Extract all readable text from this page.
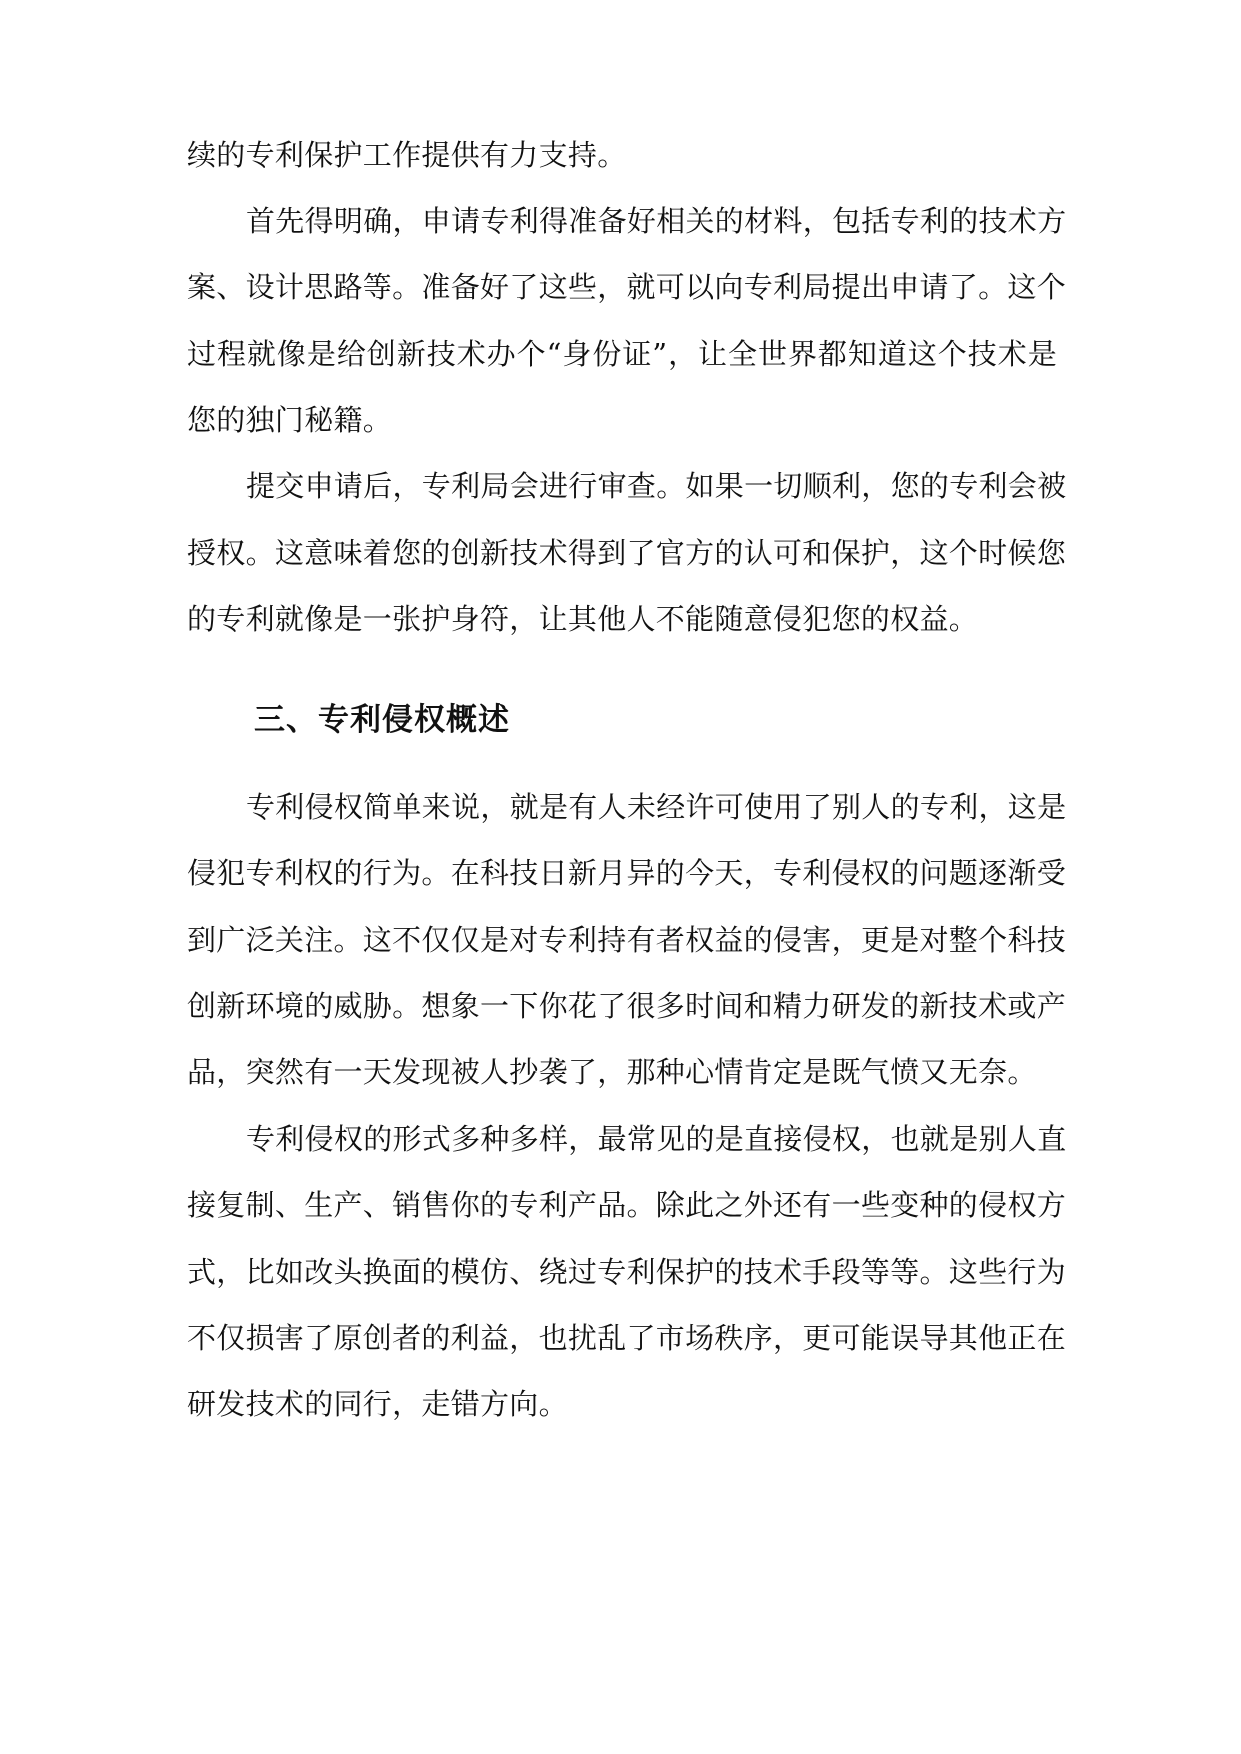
续的专利保护工作提供有力支持。
首先得明确，申请专利得准备好相关的材料，包括专利的技术方
案、设计思路等。准备好了这些，就可以向专利局提出申请了。这个
过程就像是给创新技术办个“身份证”，让全世界都知道这个技术是
您的独门秘籍。
提交申请后，专利局会进行审查。如果一切顺利，您的专利会被
授权。这意味着您的创新技术得到了官方的认可和保护，这个时候您
的专利就像是一张护身符，让其他人不能随意侵犯您的权益。
三、专利侵权概述
专利侵权简单来说，就是有人未经许可使用了别人的专利，这是
侵犯专利权的行为。在科技日新月异的今天，专利侵权的问题逐渐受
到广泛关注。这不仅仅是对专利持有者权益的侵害，更是对整个科技
创新环境的威胁。想象一下你花了很多时间和精力研发的新技术或产
品，突然有一天发现被人抄袭了，那种心情肯定是既气愤又无奈。
专利侵权的形式多种多样，最常见的是直接侵权，也就是别人直
接复制、生产、销售你的专利产品。除此之外还有一些变种的侵权方
式，比如改头换面的模仿、绕过专利保护的技术手段等等。这些行为
不仅损害了原创者的利益，也扰乱了市场秩序，更可能误导其他正在
研发技术的同行，走错方向。
